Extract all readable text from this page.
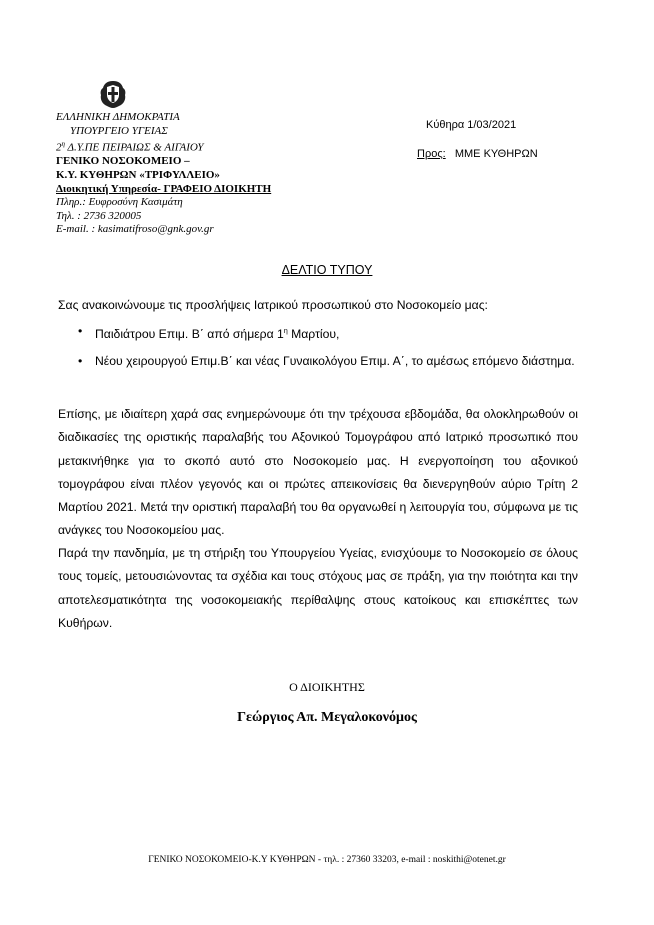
ΕΛΛΗΝΙΚΗ ΔΗΜΟΚΡΑΤΙΑ
ΥΠΟΥΡΓΕΙΟ ΥΓΕΙΑΣ
$2^\eta$ Δ.Υ.ΠΕ ΠΕΙΡΑΙΩΣ & ΑΙΓΑΙΟΥ
ΓΕΝΙΚΟ ΝΟΣΟΚΟΜΕΙΟ –
Κ.Υ. ΚΥΘΗΡΩΝ «ΤΡΙΦΥΛΛΕΙΟ»
Διοικητική Υπηρεσία- ΓΡΑΦΕΙΟ ΔΙΟΙΚΗΤΗ
Πληρ.: Ευφροσύνη Κασιμάτη
Τηλ. : 2736 320005
E-mail. : kasimatifroso@gnk.gov.gr
Κύθηρα 1/03/2021
Προς: ΜΜΕ ΚΥΘΗΡΩΝ
ΔΕΛΤΙΟ ΤΥΠΟΥ

Σας ανακοινώνουμε τις προσλήψεις Ιατρικού προσωπικού στο Νοσοκομείο μας:

• Παιδιάτρου Επιμ. Β΄ από σήμερα $1^\eta$ Μαρτίου,
• Νέου χειρουργού Επιμ.Β΄ και νέας Γυναικολόγου Επιμ. Α΄, το αμέσως επόμενο διάστημα.

Επίσης, με ιδιαίτερη χαρά σας ενημερώνουμε ότι την τρέχουσα εβδομάδα, θα ολοκληρωθούν οι διαδικασίες της οριστικής παραλαβής του Αξονικού Τομογράφου από Ιατρικό προσωπικό που μετακινήθηκε για το σκοπό αυτό στο Νοσοκομείο μας. Η ενεργοποίηση του αξονικού τομογράφου είναι πλέον γεγονός και οι πρώτες απεικονίσεις θα διενεργηθούν αύριο Τρίτη 2 Μαρτίου 2021. Μετά την οριστική παραλαβή του θα οργανωθεί η λειτουργία του, σύμφωνα με τις ανάγκες του Νοσοκομείου μας.

Παρά την πανδημία, με τη στήριξη του Υπουργείου Υγείας, ενισχύουμε το Νοσοκομείο σε όλους τους τομείς, μετουσιώνοντας τα σχέδια και τους στόχους μας σε πράξη, για την ποιότητα και την αποτελεσματικότητα της νοσοκομειακής περίθαλψης στους κατοίκους και επισκέπτες των Κυθήρων.

Ο ΔΙΟΙΚΗΤΗΣ
Γεώργιος Απ. Μεγαλοκονόμος
ΓΕΝΙΚΟ ΝΟΣΟΚΟΜΕΙΟ-Κ.Υ ΚΥΘΗΡΩΝ - τηλ. : 27360 33203, e-mail : noskithi@otenet.gr
